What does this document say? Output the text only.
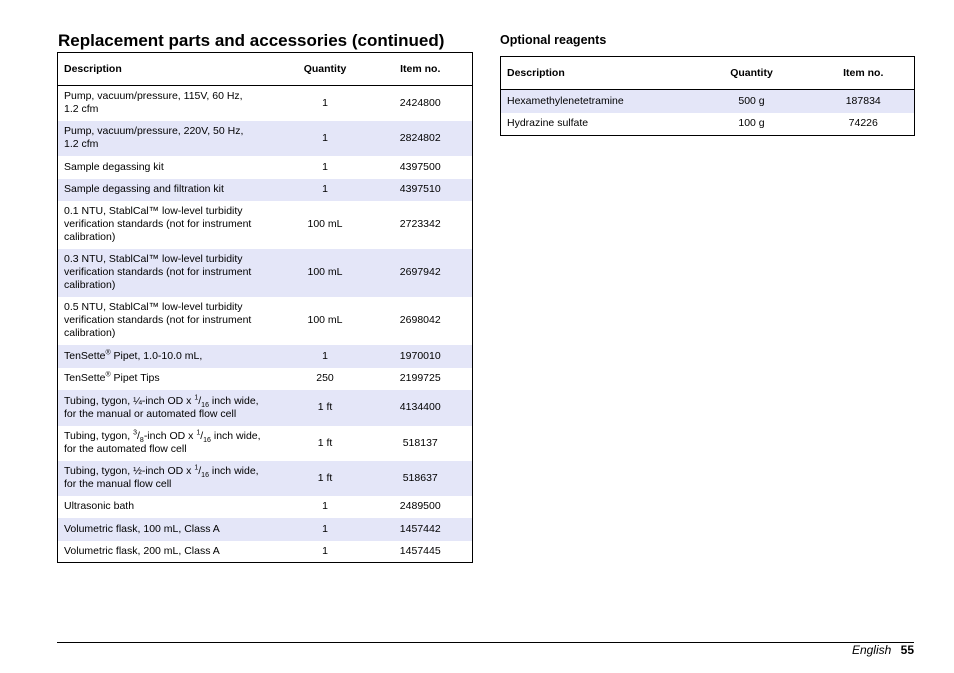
Replacement parts and accessories (continued)	Optional reagents
Description	Quantity	Item no.
Pump, vacuum/pressure, 115V, 60 Hz,
1.2 cfm	1	2424800
Pump, vacuum/pressure, 220V, 50 Hz,
1.2 cfm	1	2824802
Sample degassing kit	1	4397500
Sample degassing and filtration kit	1	4397510
0.1 NTU, StablCal™ low-level turbidity
verification standards (not for instrument
calibration)	100 mL	2723342
0.3 NTU, StablCal™ low-level turbidity
verification standards (not for instrument
calibration)	100 mL	2697942
0.5 NTU, StablCal™ low-level turbidity
verification standards (not for instrument
calibration)	100 mL	2698042
TenSette® Pipet, 1.0-10.0 mL,	1	1970010
TenSette® Pipet Tips	250	2199725
Tubing, tygon, ¼-inch OD x $^1/_{16}$ inch wide,
for the manual or automated flow cell	1 ft	4134400
Tubing, tygon, $^3/_8$-inch OD x $^1/_{16}$ inch wide,
for the automated flow cell	1 ft	518137
Tubing, tygon, ½-inch OD x $^1/_{16}$ inch wide,
for the manual flow cell	1 ft	518637
Ultrasonic bath	1	2489500
Volumetric flask, 100 mL, Class A	1	1457442
Volumetric flask, 200 mL, Class A	1	1457445
Description	Quantity	Item no.
Hexamethylenetetramine	500 g	187834
Hydrazine sulfate	100 g	74226
English 55
